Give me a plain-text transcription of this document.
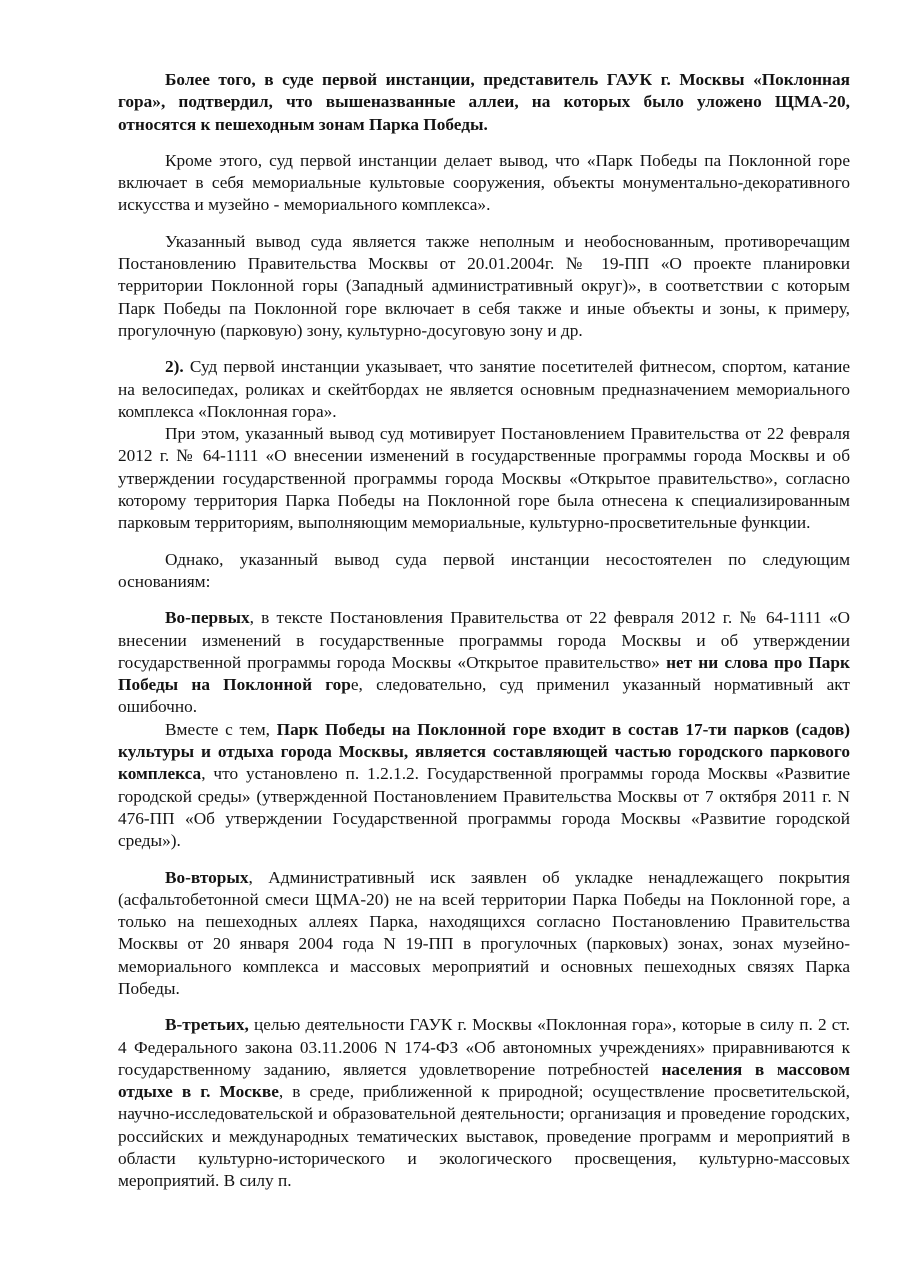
Более того, в суде первой инстанции, представитель ГАУК г. Москвы «Поклонная гора», подтвердил, что вышеназванные аллеи, на которых было уложено ЩМА-20, относятся к пешеходным зонам Парка Победы.

Кроме этого, суд первой инстанции делает вывод, что «Парк Победы па Поклонной горе включает в себя мемориальные культовые сооружения, объекты монументально-декоративного искусства и музейно - мемориального комплекса».

Указанный вывод суда является также неполным и необоснованным, противоречащим Постановлению Правительства Москвы от 20.01.2004г. № 19-ПП «О проекте планировки территории Поклонной горы (Западный административный округ)», в соответствии с которым Парк Победы па Поклонной горе включает в себя также и иные объекты и зоны, к примеру, прогулочную (парковую) зону, культурно-досуговую зону и др.

2). Суд первой инстанции указывает, что занятие посетителей фитнесом, спортом, катание на велосипедах, роликах и скейтбордах не является основным предназначением мемориального комплекса «Поклонная гора».

При этом, указанный вывод суд мотивирует Постановлением Правительства от 22 февраля 2012 г. № 64-1111 «О внесении изменений в государственные программы города Москвы и об утверждении государственной программы города Москвы «Открытое правительство», согласно которому территория Парка Победы на Поклонной горе была отнесена к специализированным парковым территориям, выполняющим мемориальные, культурно-просветительные функции.

Однако, указанный вывод суда первой инстанции несостоятелен по следующим основаниям:

Во-первых, в тексте Постановления Правительства от 22 февраля 2012 г. № 64-1111 «О внесении изменений в государственные программы города Москвы и об утверждении государственной программы города Москвы «Открытое правительство» нет ни слова про Парк Победы на Поклонной горе, следовательно, суд применил указанный нормативный акт ошибочно.

Вместе с тем, Парк Победы на Поклонной горе входит в состав 17-ти парков (садов) культуры и отдыха города Москвы, является составляющей частью городского паркового комплекса, что установлено п. 1.2.1.2. Государственной программы города Москвы «Развитие городской среды» (утвержденной Постановлением Правительства Москвы от 7 октября 2011 г. N 476-ПП «Об утверждении Государственной программы города Москвы «Развитие городской среды»).

Во-вторых, Административный иск заявлен об укладке ненадлежащего покрытия (асфальтобетонной смеси ЩМА-20) не на всей территории Парка Победы на Поклонной горе, а только на пешеходных аллеях Парка, находящихся согласно Постановлению Правительства Москвы от 20 января 2004 года N 19-ПП в прогулочных (парковых) зонах, зонах музейно-мемориального комплекса и массовых мероприятий и основных пешеходных связях Парка Победы.

В-третьих, целью деятельности ГАУК г. Москвы «Поклонная гора», которые в силу п. 2 ст. 4 Федерального закона 03.11.2006 N 174-ФЗ «Об автономных учреждениях» приравниваются к государственному заданию, является удовлетворение потребностей населения в массовом отдыхе в г. Москве, в среде, приближенной к природной; осуществление просветительской, научно-исследовательской и образовательной деятельности; организация и проведение городских, российских и международных тематических выставок, проведение программ и мероприятий в области культурно-исторического и экологического просвещения, культурно-массовых мероприятий. В силу п.
